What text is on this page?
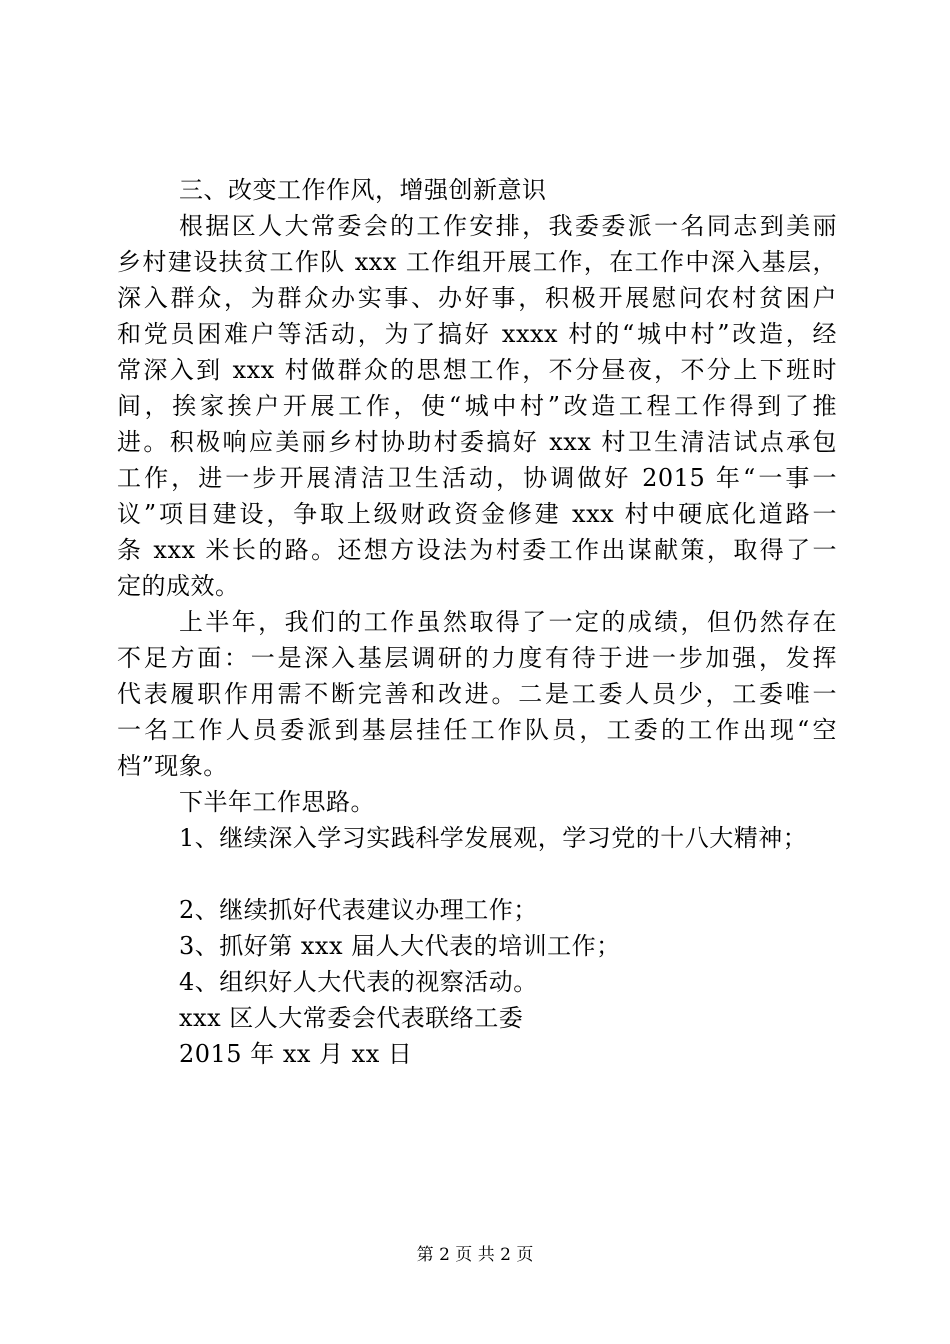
三、改变工作作风，增强创新意识
根据区人大常委会的工作安排，我委委派一名同志到美丽
乡村建设扶贫工作队 xxx 工作组开展工作，在工作中深入基层，
深入群众，为群众办实事、办好事，积极开展慰问农村贫困户
和党员困难户等活动，为了搞好 xxxx 村的“城中村”改造，经
常深入到 xxx 村做群众的思想工作，不分昼夜，不分上下班时
间，挨家挨户开展工作，使“城中村”改造工程工作得到了推
进。积极响应美丽乡村协助村委搞好 xxx 村卫生清洁试点承包
工作，进一步开展清洁卫生活动，协调做好 2015 年“一事一
议”项目建设，争取上级财政资金修建 xxx 村中硬底化道路一
条 xxx 米长的路。还想方设法为村委工作出谋献策，取得了一
定的成效。
上半年，我们的工作虽然取得了一定的成绩，但仍然存在
不足方面：一是深入基层调研的力度有待于进一步加强，发挥
代表履职作用需不断完善和改进。二是工委人员少，工委唯一
一名工作人员委派到基层挂任工作队员，工委的工作出现“空
档”现象。
下半年工作思路。
1、继续深入学习实践科学发展观，学习党的十八大精神；
2、继续抓好代表建议办理工作；
3、抓好第 xxx 届人大代表的培训工作；
4、组织好人大代表的视察活动。
xxx 区人大常委会代表联络工委
2015 年 xx 月 xx 日
第 2 页 共 2 页
